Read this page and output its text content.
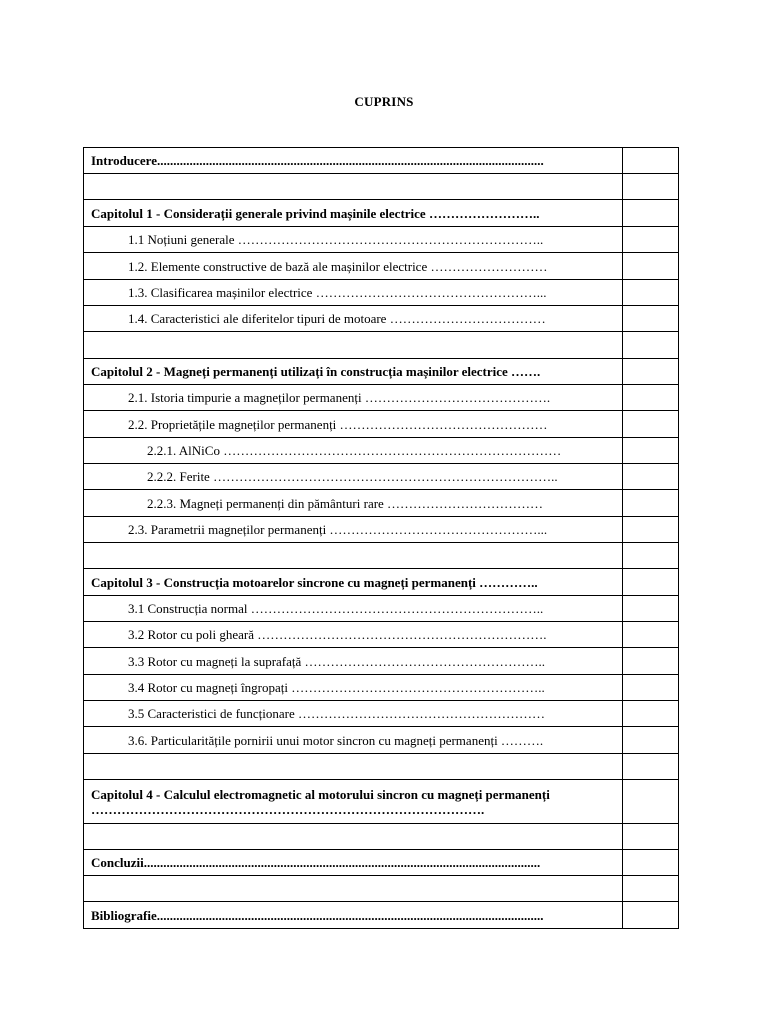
CUPRINS
Introducere.......................................................................................................................	

Capitolul 1 - Considerații generale privind mașinile electrice ……………………..	

1.1 Noțiuni generale ……………………………………………………………..	

1.2. Elemente constructive de bază ale mașinilor electrice ………………………	

1.3. Clasificarea mașinilor electrice ……………………………………………...	

1.4. Caracteristici ale diferitelor tipuri de motoare ………………………………	

Capitolul 2 - Magneți permanenți utilizați în construcția mașinilor electrice …….	

2.1. Istoria timpurie a magneților permanenți …………………………………….	

2.2. Proprietățile magneților permanenți …………………………………………	

2.2.1. AlNiCo ……………………………………………………………………	

2.2.2. Ferite ……………………………………………………………………..	

2.2.3. Magneți permanenți din pământuri rare ………………………………	

2.3. Parametrii magneților permanenți …………………………………………...	

Capitolul 3 - Construcția motoarelor sincrone cu magneți permanenți …………..	

3.1 Construcția normal …………………………………………………………..	

3.2 Rotor cu poli gheară ………………………………………………………….	

3.3 Rotor cu magneți la suprafață ………………………………………………..	

3.4 Rotor cu magneți îngropați …………………………………………………..	

3.5 Caracteristici de funcționare …………………………………………………	

3.6. Particularitățile pornirii unui motor sincron cu magneți permanenți ……….	

Capitolul 4 - Calculul electromagnetic al motorului sincron cu magneți permanenți ……………………………………………………………………………….	

Concluzii..........................................................................................................................	

Bibliografie.......................................................................................................................	
